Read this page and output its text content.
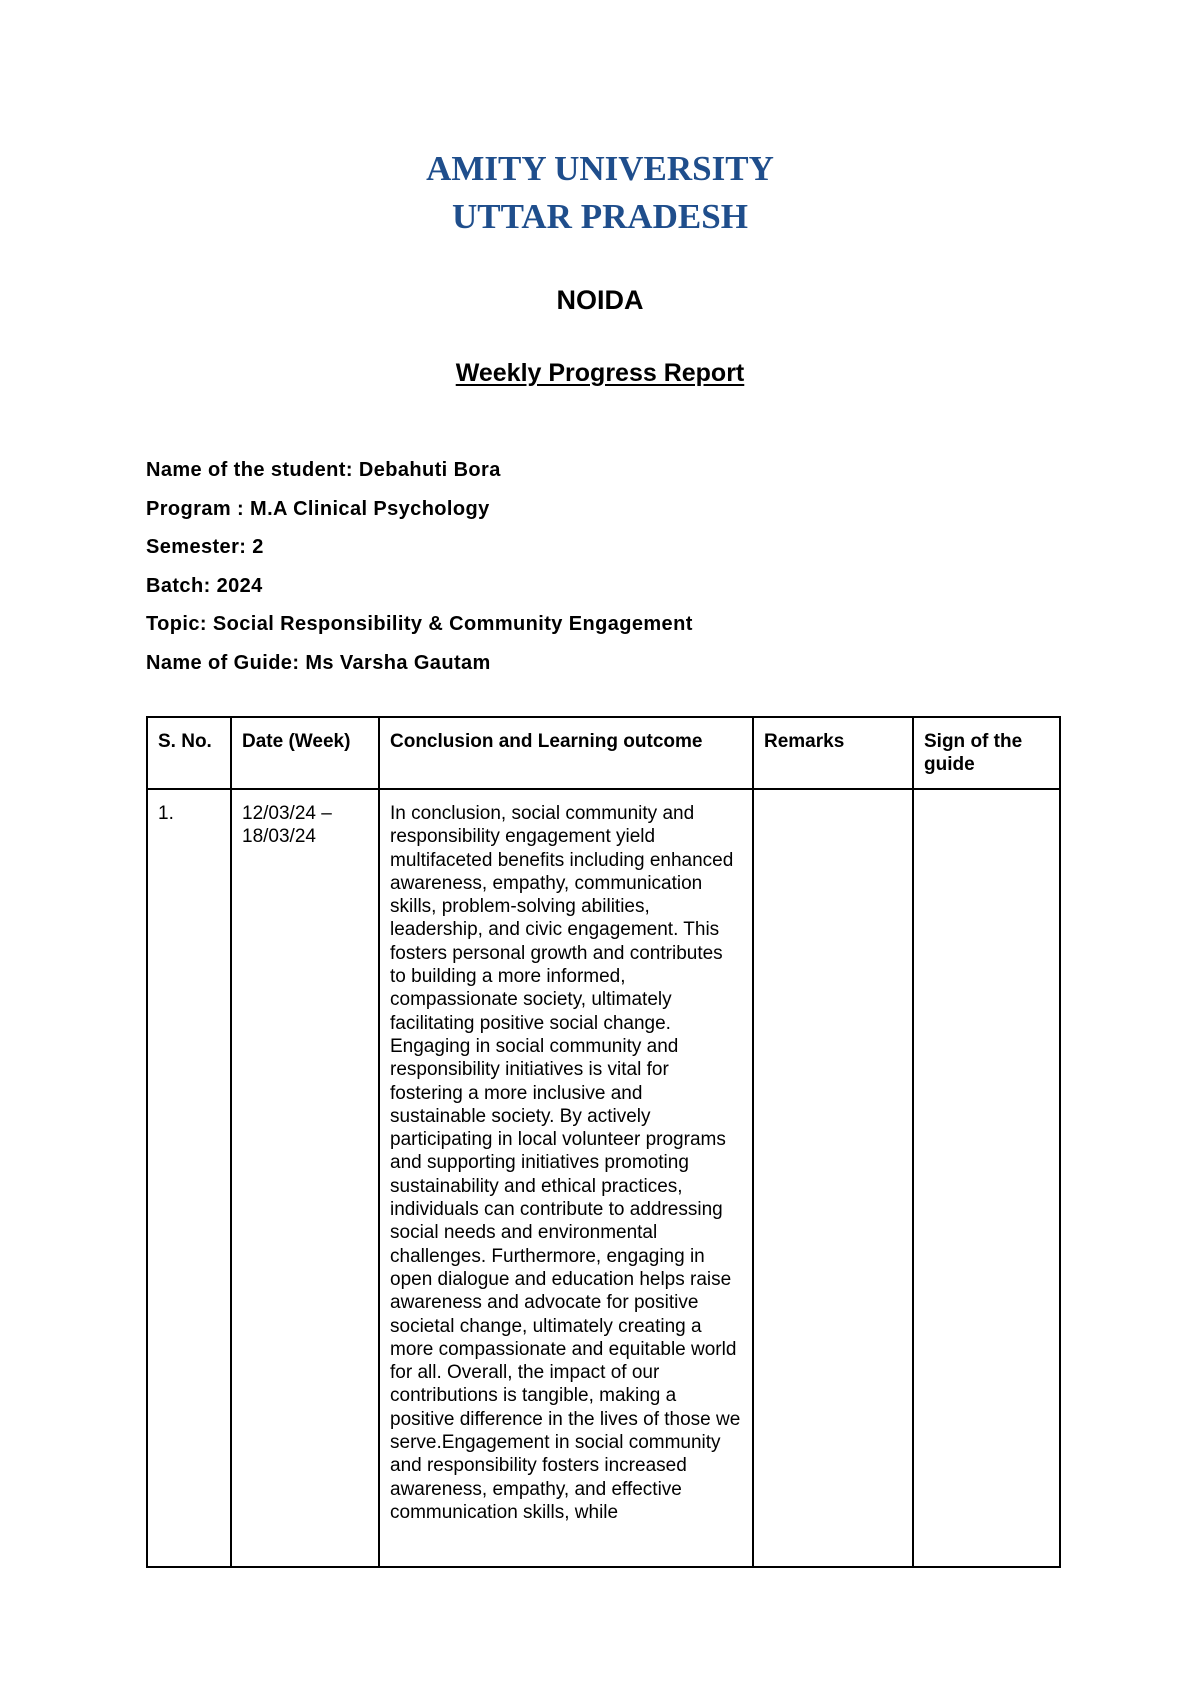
AMITY UNIVERSITY
UTTAR PRADESH
NOIDA
Weekly Progress Report
Name of the student: Debahuti Bora
Program : M.A Clinical Psychology
Semester: 2
Batch: 2024
Topic: Social Responsibility & Community Engagement
Name of Guide: Ms Varsha Gautam
S. No.	Date (Week)	Conclusion and Learning outcome	Remarks	Sign of the guide

1.	12/03/24 – 18/03/24	In conclusion, social community and responsibility engagement yield multifaceted benefits including enhanced awareness, empathy, communication skills, problem-solving abilities, leadership, and civic engagement. This fosters personal growth and contributes to building a more informed, compassionate society, ultimately facilitating positive social change. Engaging in social community and responsibility initiatives is vital for fostering a more inclusive and sustainable society. By actively participating in local volunteer programs and supporting initiatives promoting sustainability and ethical practices, individuals can contribute to addressing social needs and environmental challenges. Furthermore, engaging in open dialogue and education helps raise awareness and advocate for positive societal change, ultimately creating a more compassionate and equitable world for all. Overall, the impact of our contributions is tangible, making a positive difference in the lives of those we serve.Engagement in social community and responsibility fosters increased awareness, empathy, and effective communication skills, while		
